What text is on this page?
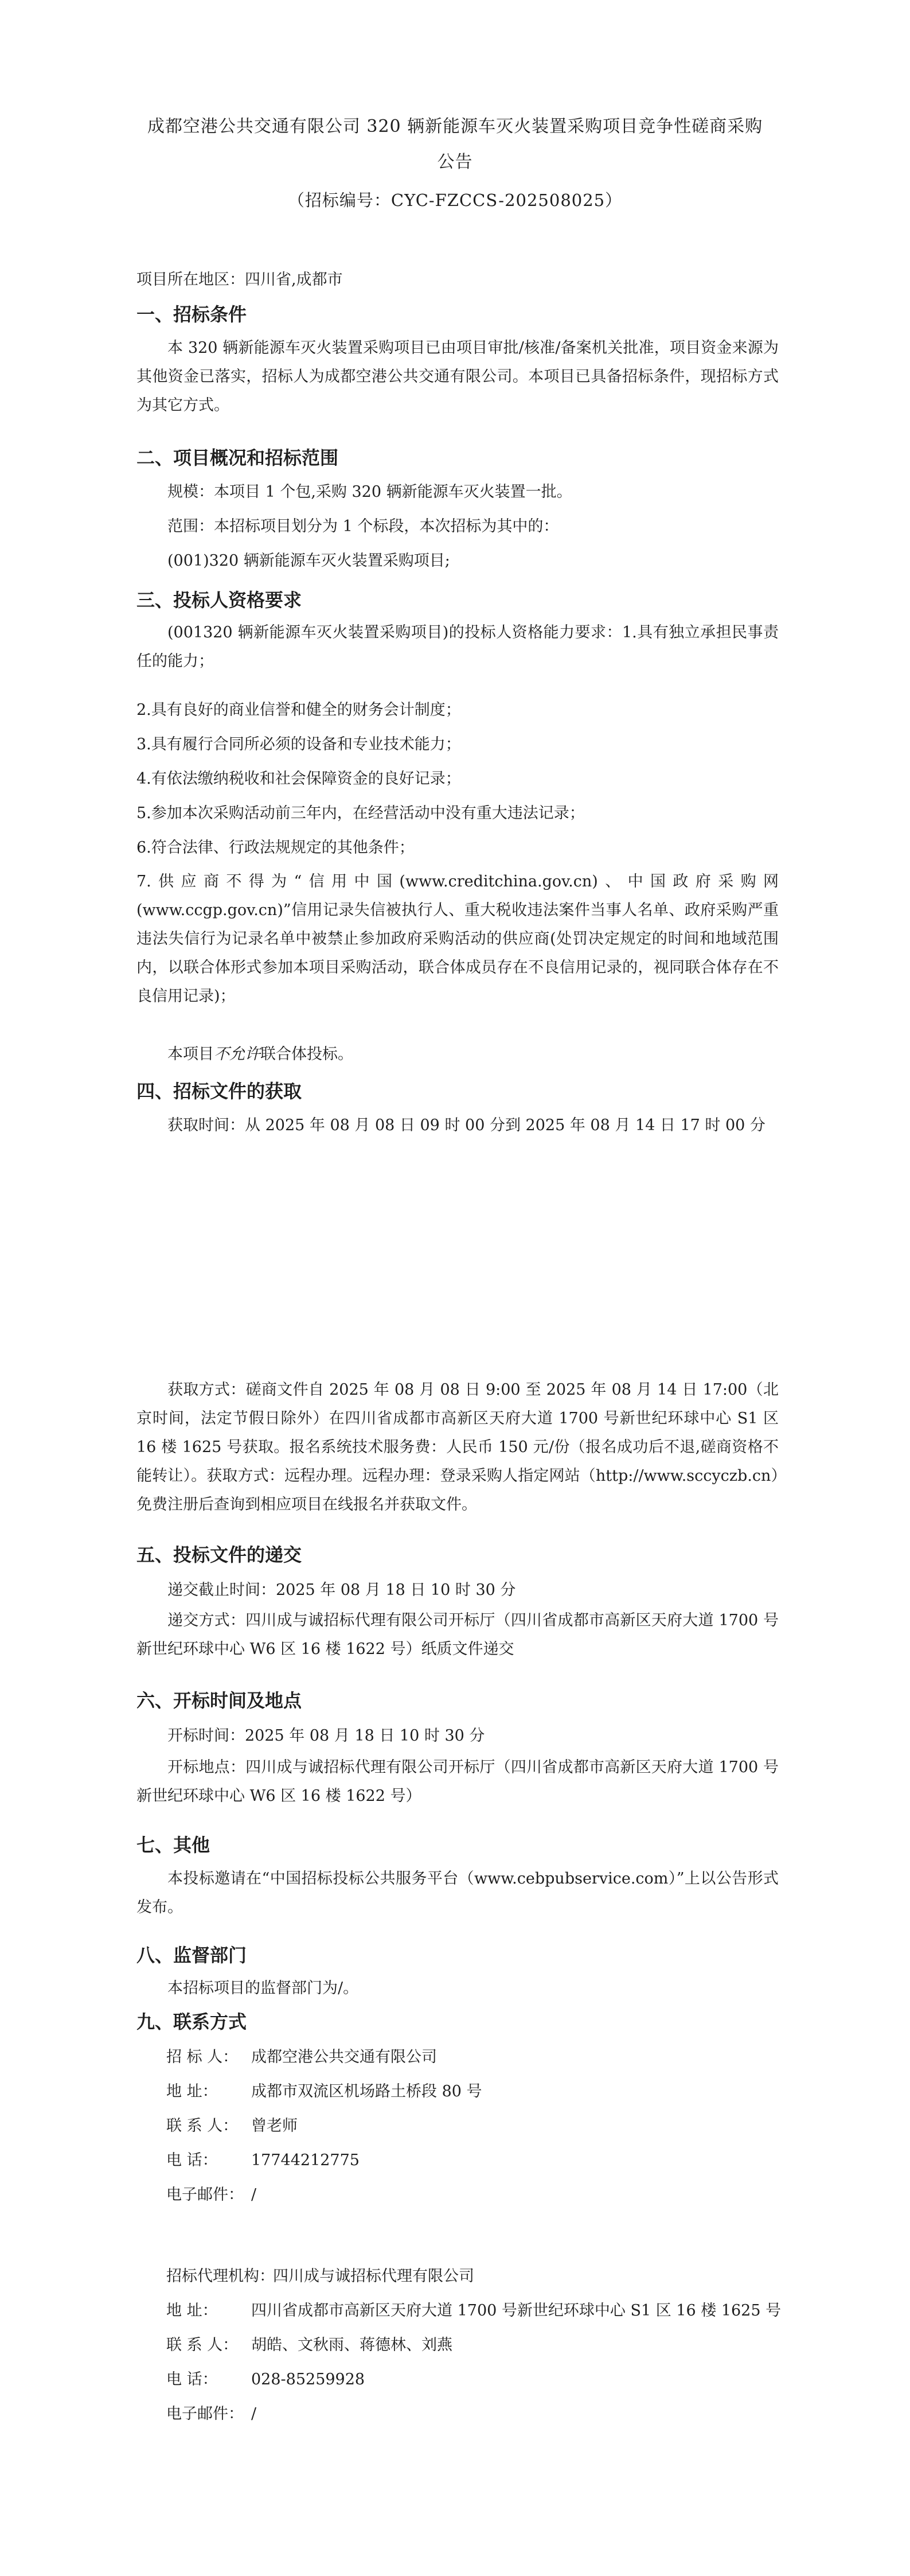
成都空港公共交通有限公司 320 辆新能源车灭火装置采购项目竞争性磋商采购
公告
（招标编号：CYC-FZCCS-202508025）
项目所在地区：四川省,成都市
一、招标条件
本 320 辆新能源车灭火装置采购项目已由项目审批/核准/备案机关批准，项目资金来源为其他资金已落实，招标人为成都空港公共交通有限公司。本项目已具备招标条件，现招标方式为其它方式。
二、项目概况和招标范围
规模：本项目 1 个包,采购 320 辆新能源车灭火装置一批。
范围：本招标项目划分为 1 个标段，本次招标为其中的：
(001)320 辆新能源车灭火装置采购项目;
三、投标人资格要求
(001320 辆新能源车灭火装置采购项目)的投标人资格能力要求：1.具有独立承担民事责任的能力；
2.具有良好的商业信誉和健全的财务会计制度；
3.具有履行合同所必须的设备和专业技术能力；
4.有依法缴纳税收和社会保障资金的良好记录；
5.参加本次采购活动前三年内，在经营活动中没有重大违法记录；
6.符合法律、行政法规规定的其他条件；
7.供应商不得为“信用中国(www.creditchina.gov.cn)、中国政府采购网(www.ccgp.gov.cn)”信用记录失信被执行人、重大税收违法案件当事人名单、政府采购严重违法失信行为记录名单中被禁止参加政府采购活动的供应商(处罚决定规定的时间和地域范围内，以联合体形式参加本项目采购活动，联合体成员存在不良信用记录的，视同联合体存在不良信用记录)；
本项目不允许联合体投标。
四、招标文件的获取
获取时间：从 2025 年 08 月 08 日 09 时 00 分到 2025 年 08 月 14 日 17 时 00 分
获取方式：磋商文件自 2025 年 08 月 08 日 9:00 至 2025 年 08 月 14 日 17:00（北京时间，法定节假日除外）在四川省成都市高新区天府大道 1700 号新世纪环球中心 S1 区 16 楼 1625 号获取。报名系统技术服务费：人民币 150 元/份（报名成功后不退,磋商资格不能转让）。获取方式：远程办理。远程办理：登录采购人指定网站（http://www.sccyczb.cn）免费注册后查询到相应项目在线报名并获取文件。
五、投标文件的递交
递交截止时间：2025 年 08 月 18 日 10 时 30 分
递交方式：四川成与诚招标代理有限公司开标厅（四川省成都市高新区天府大道 1700 号新世纪环球中心 W6 区 16 楼 1622 号）纸质文件递交
六、开标时间及地点
开标时间：2025 年 08 月 18 日 10 时 30 分
开标地点：四川成与诚招标代理有限公司开标厅（四川省成都市高新区天府大道 1700 号新世纪环球中心 W6 区 16 楼 1622 号）
七、其他
本投标邀请在“中国招标投标公共服务平台（www.cebpubservice.com）”上以公告形式发布。
八、监督部门
本招标项目的监督部门为/。
九、联系方式
招 标 人： 成都空港公共交通有限公司
地 址： 成都市双流区机场路土桥段 80 号
联 系 人： 曾老师
电 话： 17744212775
电子邮件： /
招标代理机构：
四川成与诚招标代理有限公司
地 址： 四川省成都市高新区天府大道 1700 号新世纪环球中心 S1 区 16 楼 1625 号
联 系 人： 胡皓、文秋雨、蒋德林、刘燕
电 话： 028-85259928
电子邮件： /
